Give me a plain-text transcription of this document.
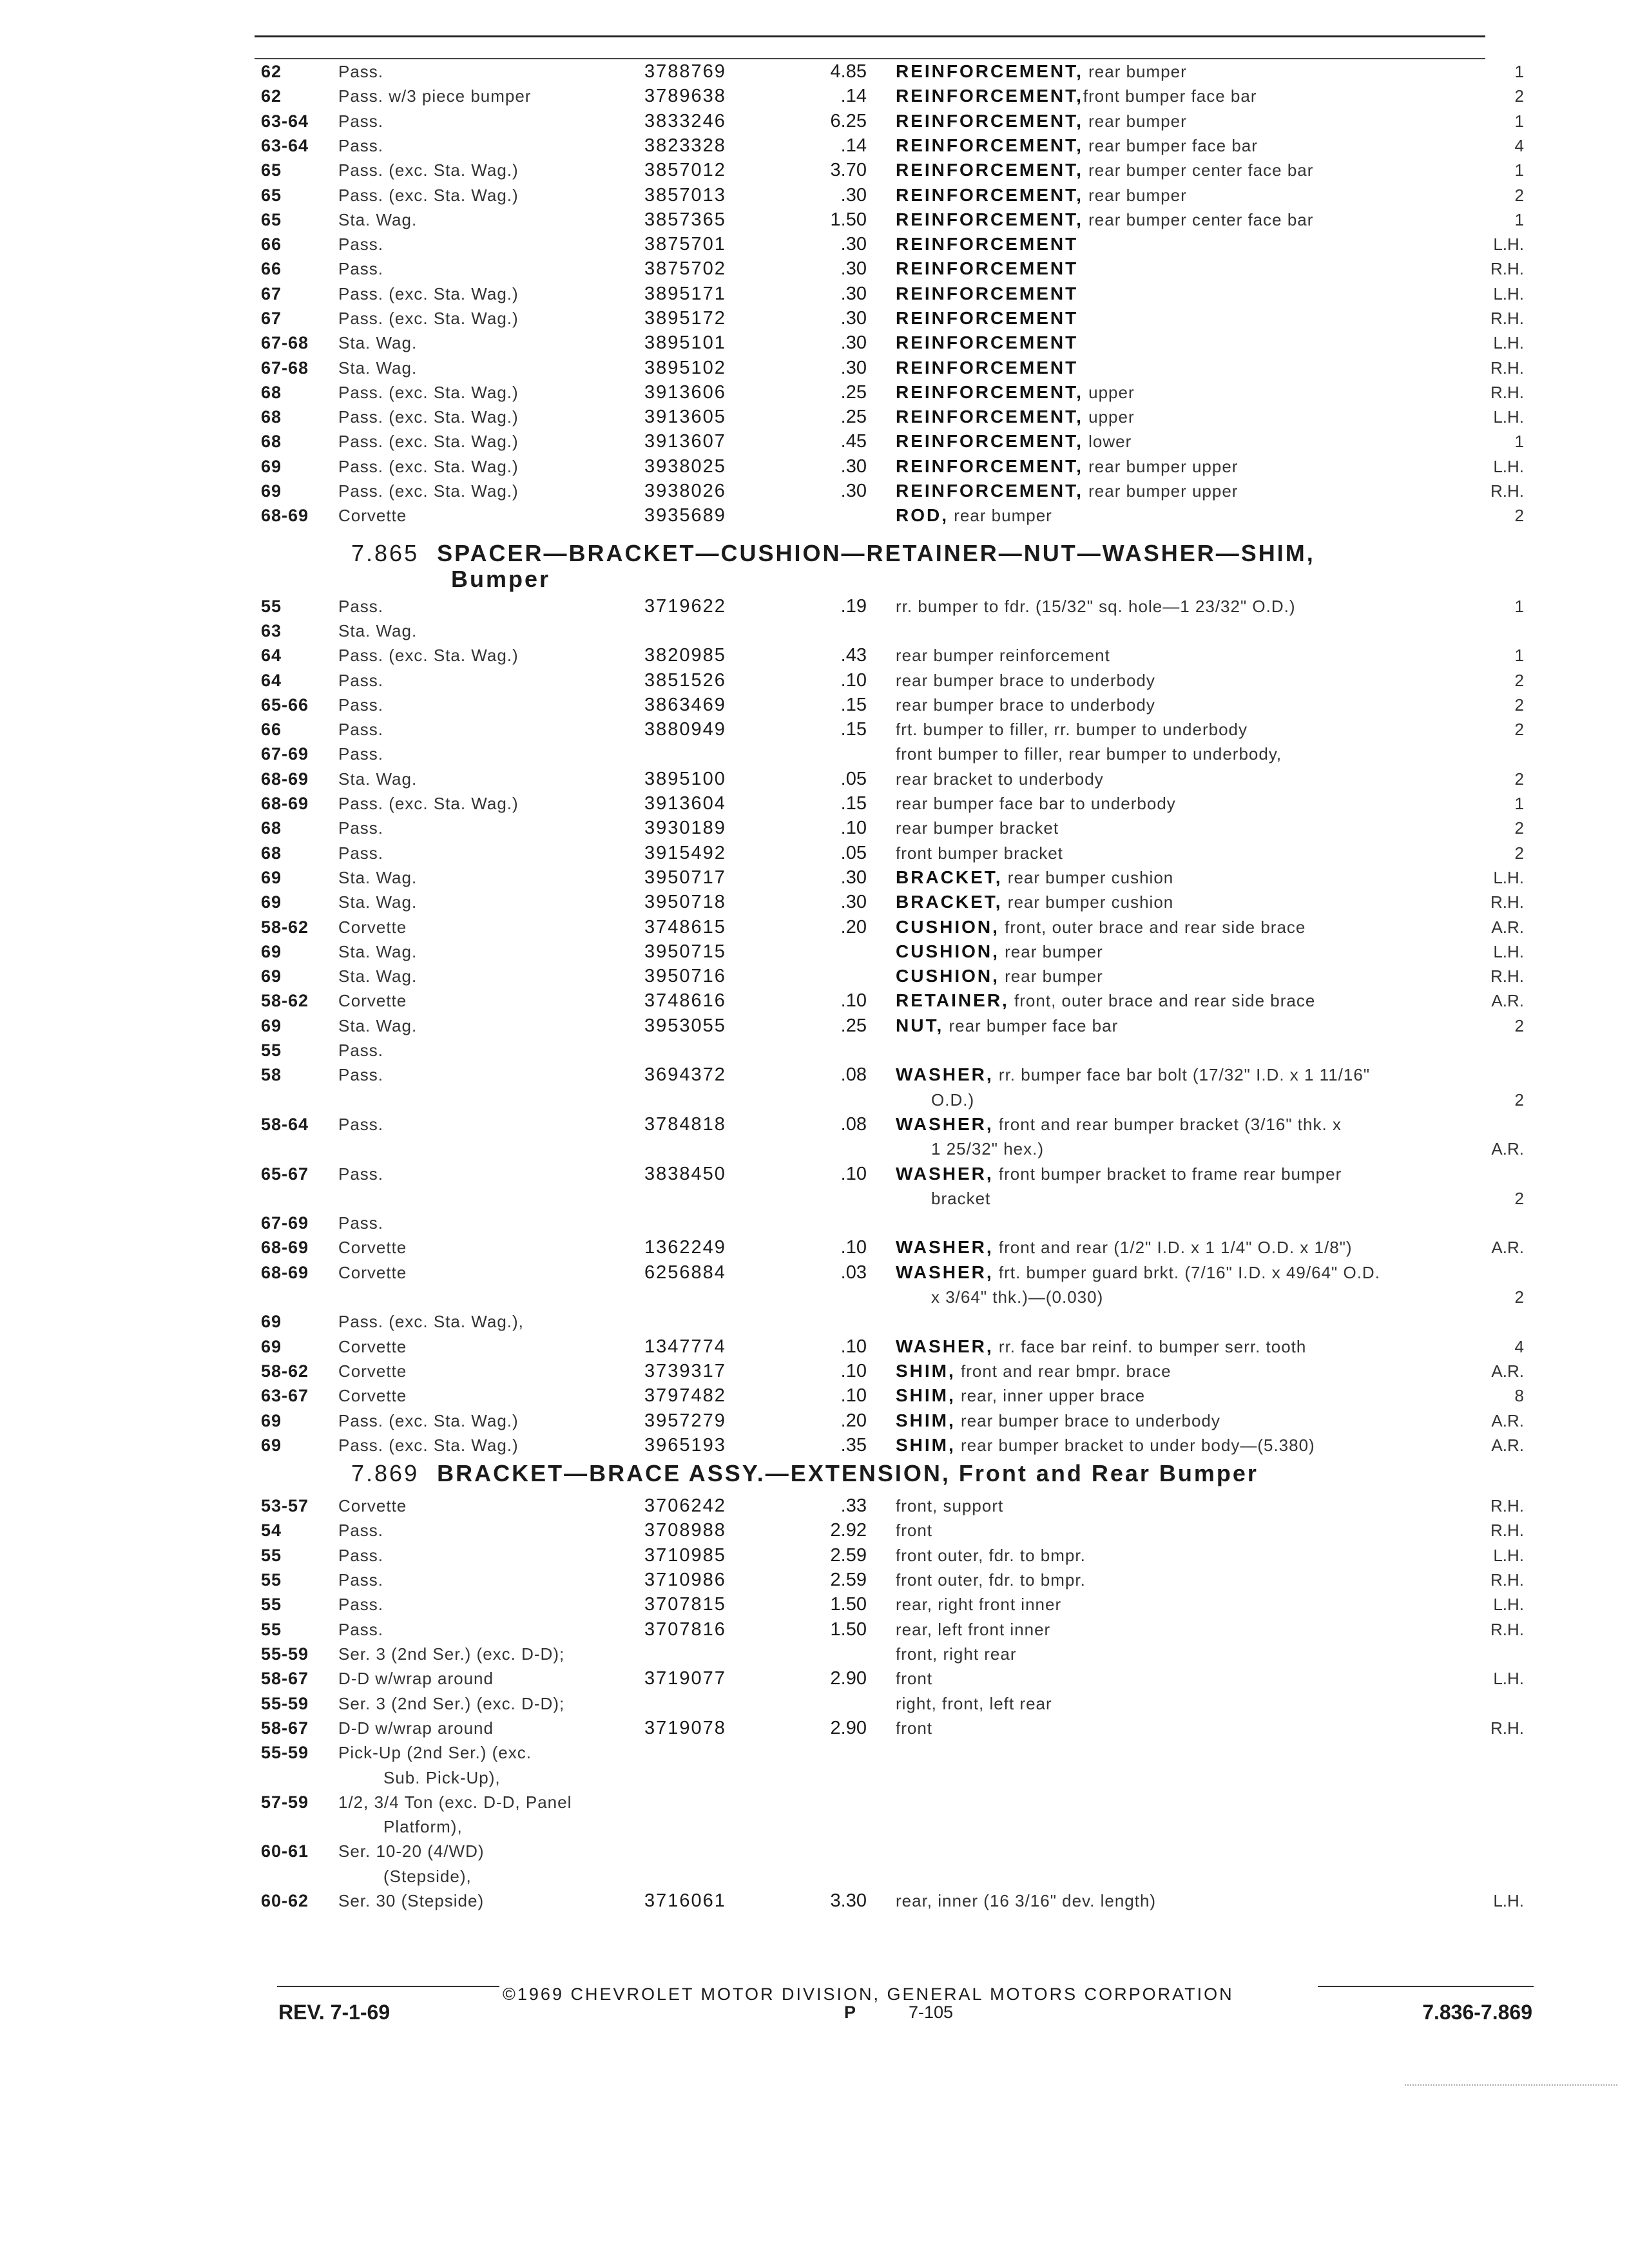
62	Pass.	3788769	4.85 REINFORCEMENT, rear bumper	1
62	Pass. w/3 piece bumper	3789638	.14 REINFORCEMENT,front bumper face bar	2
63-64 Pass.	3833246	6.25 REINFORCEMENT, rear bumper	1
63-64 Pass.	3823328	.14 REINFORCEMENT, rear bumper face bar	4
65	Pass. (exc. Sta. Wag.)	3857012	3.70 REINFORCEMENT, rear bumper center face bar	1
65	Pass. (exc. Sta. Wag.)	3857013	.30 REINFORCEMENT, rear bumper	2
65	Sta. Wag.	3857365	1.50 REINFORCEMENT, rear bumper center face bar	1
66	Pass.	3875701	.30 REINFORCEMENT	L.H.
66	Pass.	3875702	.30 REINFORCEMENT	R.H.
67	Pass. (exc. Sta. Wag.)	3895171	.30 REINFORCEMENT	L.H.
67	Pass. (exc. Sta. Wag.)	3895172	.30 REINFORCEMENT	R.H.
67-68 Sta. Wag.	3895101	.30 REINFORCEMENT	L.H.
67-68 Sta. Wag.	3895102	.30 REINFORCEMENT	R.H.
68	Pass. (exc. Sta. Wag.)	3913606	.25 REINFORCEMENT, upper	R.H.
68	Pass. (exc. Sta. Wag.)	3913605	.25 REINFORCEMENT, upper	L.H.
68	Pass. (exc. Sta. Wag.)	3913607	.45 REINFORCEMENT, lower	1
69	Pass. (exc. Sta. Wag.)	3938025	.30 REINFORCEMENT, rear bumper upper	L.H.
69	Pass. (exc. Sta. Wag.)	3938026	.30 REINFORCEMENT, rear bumper upper	R.H.
68-69 Corvette	3935689	ROD, rear bumper	2
7.865 SPACER—BRACKET—CUSHION—RETAINER—NUT—WASHER—SHIM,
Bumper
55	Pass.	3719622	.19 rr. bumper to fdr. (15/32" sq. hole—1 23/32" O.D.)	1
63	Sta. Wag.
64	Pass. (exc. Sta. Wag.)	3820985	.43 rear bumper reinforcement	1
64	Pass.	3851526	.10 rear bumper brace to underbody	2
65-66 Pass.	3863469	.15 rear bumper brace to underbody	2
66	Pass.	3880949	.15 frt. bumper to filler, rr. bumper to underbody	2
67-69 Pass.	front bumper to filler, rear bumper to underbody,
68-69 Sta. Wag.	3895100	.05 rear bracket to underbody	2
68-69 Pass. (exc. Sta. Wag.)	3913604	.15 rear bumper face bar to underbody	1
68	Pass.	3930189	.10 rear bumper bracket	2
68	Pass.	3915492	.05 front bumper bracket	2
69	Sta. Wag.	3950717	.30 BRACKET, rear bumper cushion	L.H.
69	Sta. Wag.	3950718	.30 BRACKET, rear bumper cushion	R.H.
58-62 Corvette	3748615	.20 CUSHION, front, outer brace and rear side brace	A.R.
69	Sta. Wag.	3950715	CUSHION, rear bumper	L.H.
69	Sta. Wag.	3950716	CUSHION, rear bumper	R.H.
58-62 Corvette	3748616	.10 RETAINER, front, outer brace and rear side brace	A.R.
69	Sta. Wag.	3953055	.25 NUT, rear bumper face bar	2
55	Pass.
58	Pass.	3694372	.08 WASHER, rr. bumper face bar bolt (17/32" I.D. x 1 11/16"
O.D.)	2
58-64 Pass.	3784818	.08 WASHER, front and rear bumper bracket (3/16" thk. x
1 25/32" hex.)	A.R.
65-67 Pass.	3838450	.10 WASHER, front bumper bracket to frame rear bumper
bracket	2
67-69 Pass.
68-69 Corvette	1362249	.10 WASHER, front and rear (1/2" I.D. x 1 1/4" O.D. x 1/8")	A.R.
68-69 Corvette	6256884	.03 WASHER, frt. bumper guard brkt. (7/16" I.D. x 49/64" O.D.
x 3/64" thk.)—(0.030)	2
69	Pass. (exc. Sta. Wag.),
69	Corvette	1347774	.10 WASHER, rr. face bar reinf. to bumper serr. tooth	4
58-62 Corvette	3739317	.10 SHIM, front and rear bmpr. brace	A.R.
63-67 Corvette	3797482	.10 SHIM, rear, inner upper brace	8
69	Pass. (exc. Sta. Wag.)	3957279	.20 SHIM, rear bumper brace to underbody	A.R.
69	Pass. (exc. Sta. Wag.)	3965193	.35 SHIM, rear bumper bracket to under body—(5.380)	A.R.
7.869 BRACKET—BRACE ASSY.—EXTENSION, Front and Rear Bumper
53-57 Corvette	3706242	.33 front, support	R.H.
54	Pass.	3708988	2.92 front	R.H.
55	Pass.	3710985	2.59 front outer, fdr. to bmpr.	L.H.
55	Pass.	3710986	2.59 front outer, fdr. to bmpr.	R.H.
55	Pass.	3707815	1.50 rear, right front inner	L.H.
55	Pass.	3707816	1.50 rear, left front inner	R.H.
55-59 Ser. 3 (2nd Ser.) (exc. D-D);	front, right rear
58-67 D-D w/wrap around	3719077	2.90 front	L.H.
55-59 Ser. 3 (2nd Ser.) (exc. D-D);	right, front, left rear
58-67 D-D w/wrap around	3719078	2.90 front	R.H.
55-59 Pick-Up (2nd Ser.) (exc.
Sub. Pick-Up),
57-59 1/2, 3/4 Ton (exc. D-D, Panel
Platform),
60-61 Ser. 10-20 (4/WD)
(Stepside),
60-62 Ser. 30 (Stepside)	3716061	3.30 rear, inner (16 3/16" dev. length)	L.H.
©1969 CHEVROLET MOTOR DIVISION, GENERAL MOTORS CORPORATION
REV. 7-1-69	P	7-105	7.836-7.869
